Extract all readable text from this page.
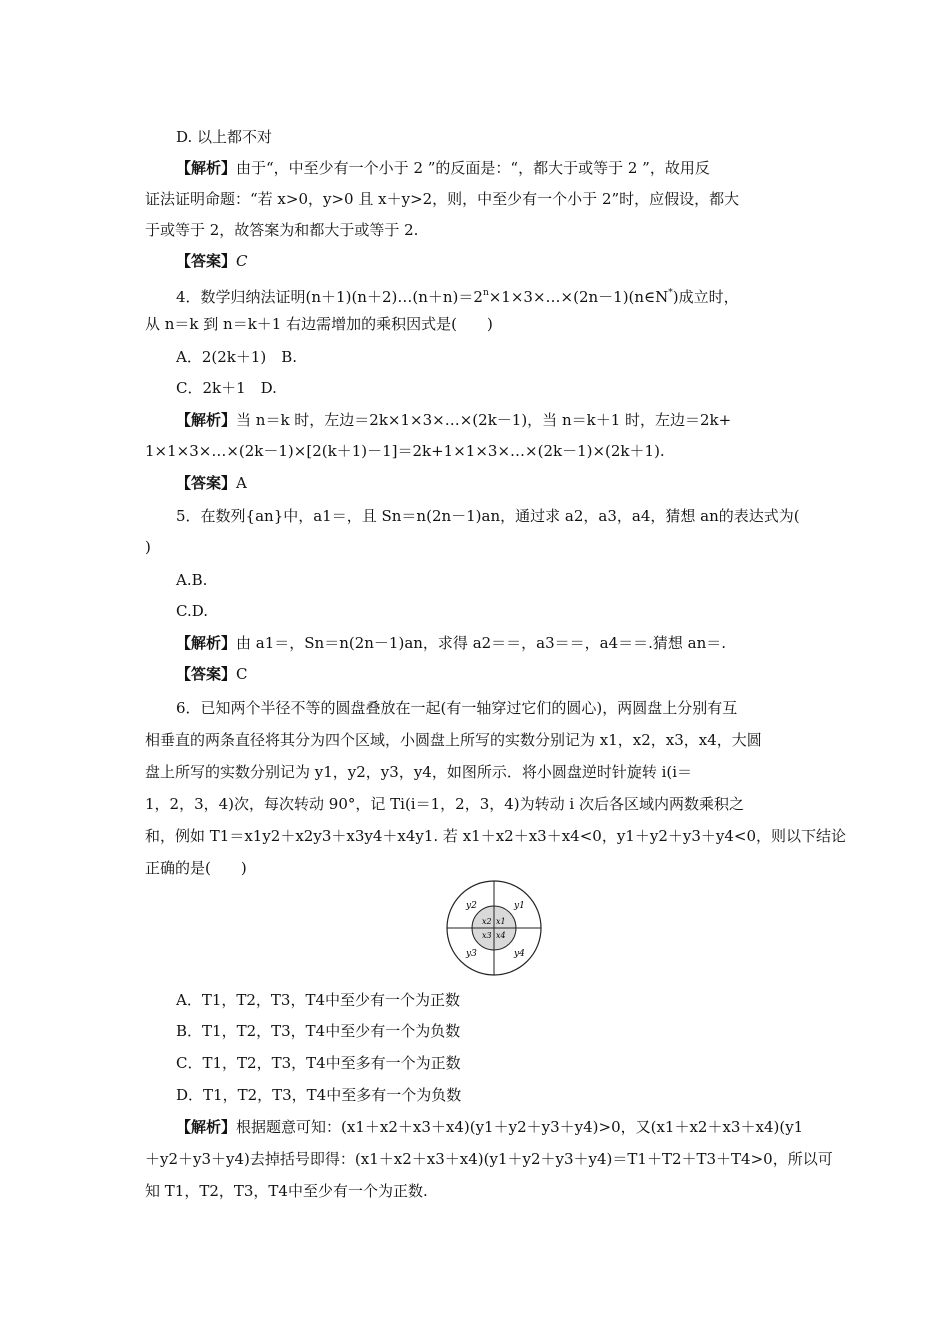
D. 以上都不对
【解析】由于“，中至少有一个小于 2 ”的反面是：“，都大于或等于 2 ”，故用反
证法证明命题：“若 x>0，y>0 且 x＋y>2，则，中至少有一个小于 2”时，应假设，都大
于或等于 2，故答案为和都大于或等于 2.
【答案】C
4．数学归纳法证明$(n+1)(n+2)\dots(n+n)=2^n\times 1\times 3\times\dots\times(2n-1)(n\in N^*)$成立时，
从 n＝k 到 n＝k＋1 右边需增加的乘积因式是(　　)
A．2(2k＋1)　B.
C．2k＋1　D.
【解析】当 n＝k 时，左边＝2k×1×3×…×(2k－1)，当 n＝k＋1 时，左边＝2k+
1×1×3×…×(2k－1)×[2(k＋1)－1]＝2k+1×1×3×…×(2k－1)×(2k＋1).
【答案】A
5．在数列{an}中，a1＝，且 Sn＝n(2n－1)an，通过求 a2，a3，a4，猜想 an的表达式为(
)
A.B.
C.D.
【解析】由 a1＝，Sn＝n(2n－1)an，求得 a2＝＝，a3＝＝，a4＝＝.猜想 an＝.
【答案】C
6．已知两个半径不等的圆盘叠放在一起(有一轴穿过它们的圆心)，两圆盘上分别有互
相垂直的两条直径将其分为四个区域，小圆盘上所写的实数分别记为 x1，x2，x3，x4，大圆
盘上所写的实数分别记为 y1，y2，y3，y4，如图所示．将小圆盘逆时针旋转 i(i＝
1，2，3，4)次，每次转动 90°，记 Ti(i＝1，2，3，4)为转动 i 次后各区域内两数乘积之
和，例如 T1＝x1y2＋x2y3＋x3y4＋x4y1. 若 x1＋x2＋x3＋x4<0，y1＋y2＋y3＋y4<0，则以下结论
正确的是(　　)
y2	y1
y3	y4
x2 x1
x3 x4
A．T1，T2，T3，T4中至少有一个为正数
B．T1，T2，T3，T4中至少有一个为负数
C．T1，T2，T3，T4中至多有一个为正数
D．T1，T2，T3，T4中至多有一个为负数
【解析】根据题意可知：(x1＋x2＋x3＋x4)(y1＋y2＋y3＋y4)>0，又(x1＋x2＋x3＋x4)(y1
＋y2＋y3＋y4)去掉括号即得：(x1＋x2＋x3＋x4)(y1＋y2＋y3＋y4)＝T1＋T2＋T3＋T4>0，所以可
知 T1，T2，T3，T4中至少有一个为正数.
